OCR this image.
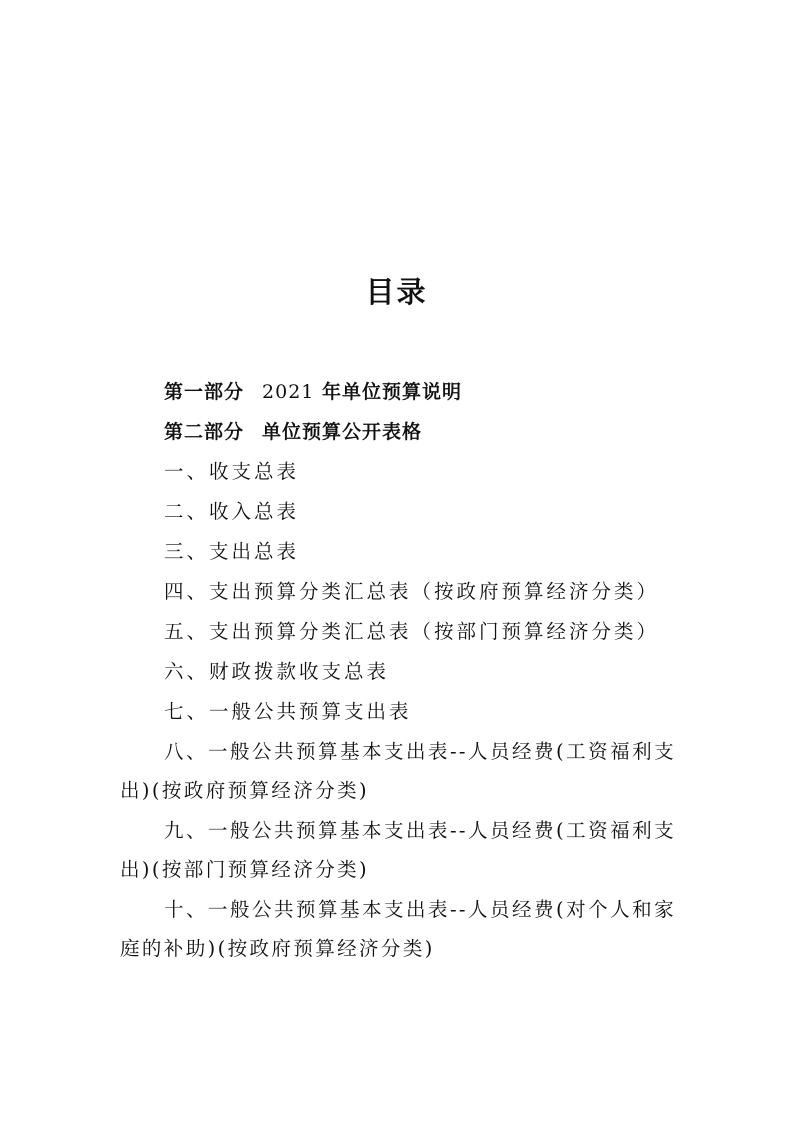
目录
第一部分 2021 年单位预算说明
第二部分 单位预算公开表格
一、收支总表
二、收入总表
三、支出总表
四、支出预算分类汇总表（按政府预算经济分类）
五、支出预算分类汇总表（按部门预算经济分类）
六、财政拨款收支总表
七、一般公共预算支出表
八、一般公共预算基本支出表--人员经费(工资福利支出)(按政府预算经济分类)
九、一般公共预算基本支出表--人员经费(工资福利支出)(按部门预算经济分类)
十、一般公共预算基本支出表--人员经费(对个人和家庭的补助)(按政府预算经济分类)
